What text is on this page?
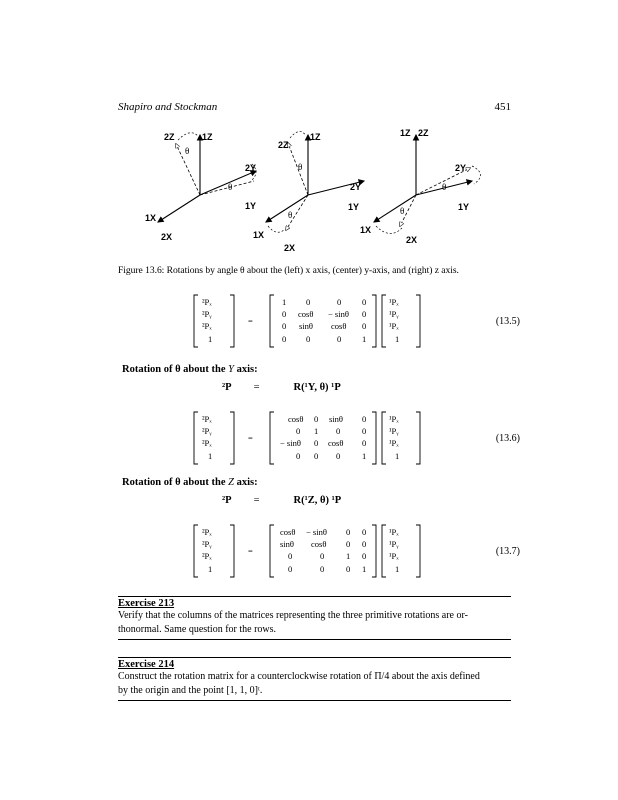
Shapiro and Stockman	451
2Z	1Z
θ
2Y
θ
1Y
1X
2X
2Z
1Z
θ
2Y
1Y
θ
1X
2X
1Z 2Z
2Y
θ
1Y
θ
1X
2X
Figure 13.6: Rotations by angle θ about the (left) x axis, (center) y-axis, and (right) z axis.
²Pₓ
²Pᵧ
²Pₓ
1
=
1 0	0 0
0 cosθ − sinθ 0
0 sinθ cosθ 0
0 0	0 1
¹Pₓ
¹Pᵧ
¹Pₓ
1
(13.5)
Rotation of θ about the Y axis:
²P =	R(¹Y, θ) ¹P
²Pₓ
²Pᵧ
²Pₓ
1
=
cosθ 0 sinθ 0
0 1 0	0
− sinθ 0 cosθ 0
0 0 0	1
¹Pₓ
¹Pᵧ
¹Pₓ
1
(13.6)
Rotation of θ about the Z axis:
²P =	R(¹Z, θ) ¹P
²Pₓ
²Pᵧ
²Pₓ
1
=
cosθ − sinθ 0 0
sinθ cosθ 0 0
0	0	1 0
0	0	0 1
¹Pₓ
¹Pᵧ
¹Pₓ
1
(13.7)
Exercise 213
Verify that the columns of the matrices representing the three primitive rotations are or-
thonormal. Same question for the rows.
Exercise 214
Construct the rotation matrix for a counterclockwise rotation of Π/4 about the axis defined
by the origin and the point [1, 1, 0]ᵗ.
